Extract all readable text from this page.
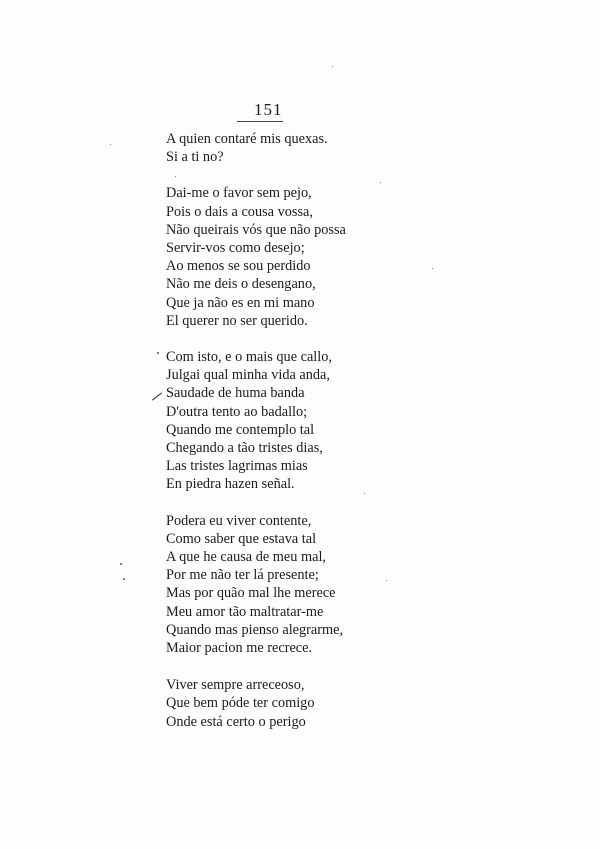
151
A quien contaré mis quexas.
Si a ti no?
Dai-me o favor sem pejo,
Pois o dais a cousa vossa,
Não queirais vós que não possa
Servir-vos como desejo;
Ao menos se sou perdido
Não me deis o desengano,
Que ja não es en mi mano
El querer no ser querido.
Com isto, e o mais que callo,
Julgai qual minha vida anda,
Saudade de huma banda
D'outra tento ao badallo;
Quando me contemplo tal
Chegando a tão tristes dias,
Las tristes lagrimas mias
En piedra hazen señal.
Podera eu viver contente,
Como saber que estava tal
A que he causa de meu mal,
Por me não ter lá presente;
Mas por quão mal lhe merece
Meu amor tão maltratar-me
Quando mas pienso alegrarme,
Maior pacion me recrece.
Viver sempre arreceoso,
Que bem póde ter comigo
Onde está certo o perigo
